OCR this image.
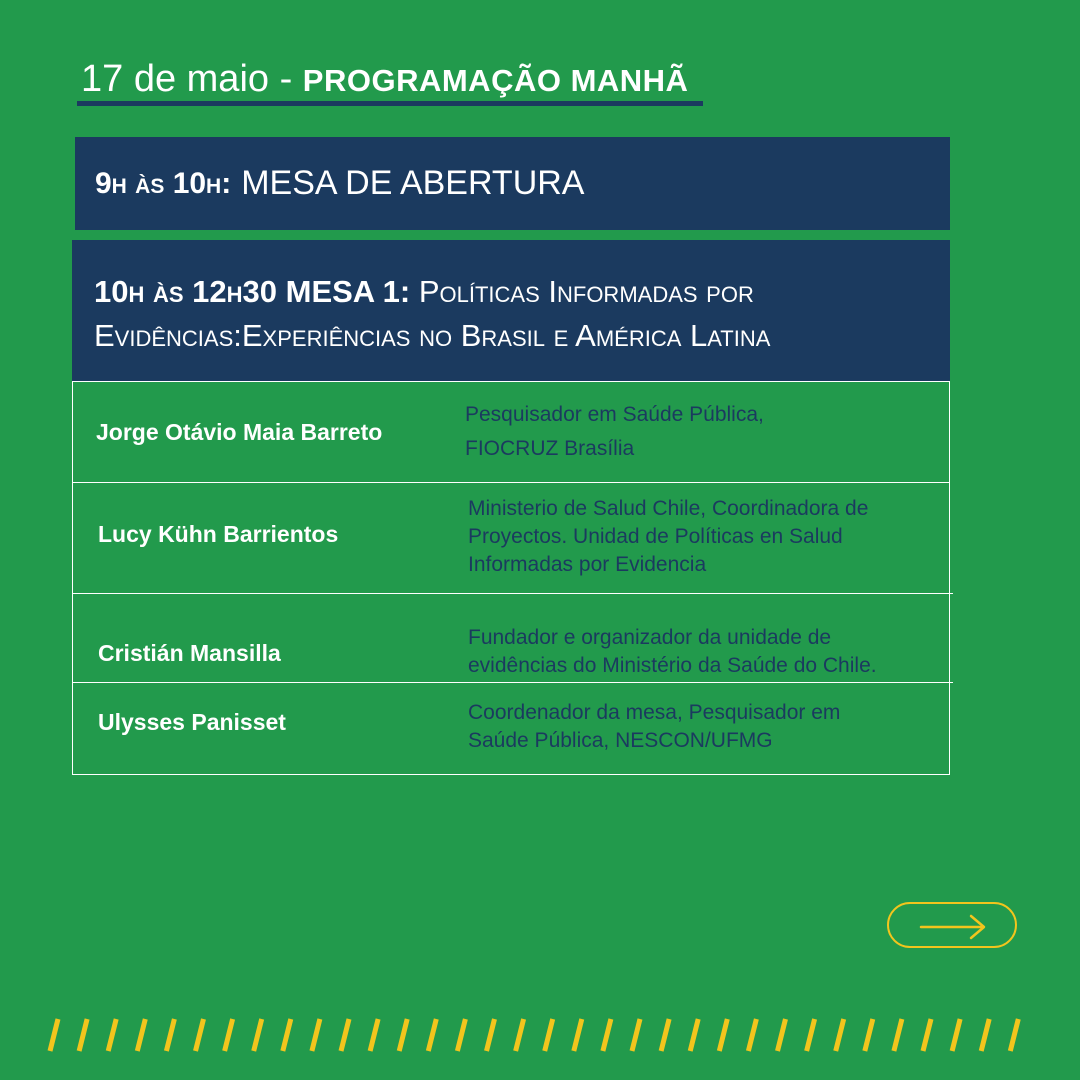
17 de maio - PROGRAMAÇÃO MANHÃ
9h às 10h: MESA DE ABERTURA
10h às 12h30 MESA 1: Políticas Informadas por
Evidências:Experiências no Brasil e América Latina
Jorge Otávio Maia Barreto
Pesquisador em Saúde Pública,
FIOCRUZ Brasília
Lucy Kühn Barrientos
Ministerio de Salud Chile, Coordinadora de
Proyectos. Unidad de Políticas en Salud
Informadas por Evidencia
Cristián Mansilla
Fundador e organizador da unidade de
evidências do Ministério da Saúde do Chile.
Ulysses Panisset	Coordenador da mesa, Pesquisador em
Saúde Pública, NESCON/UFMG
